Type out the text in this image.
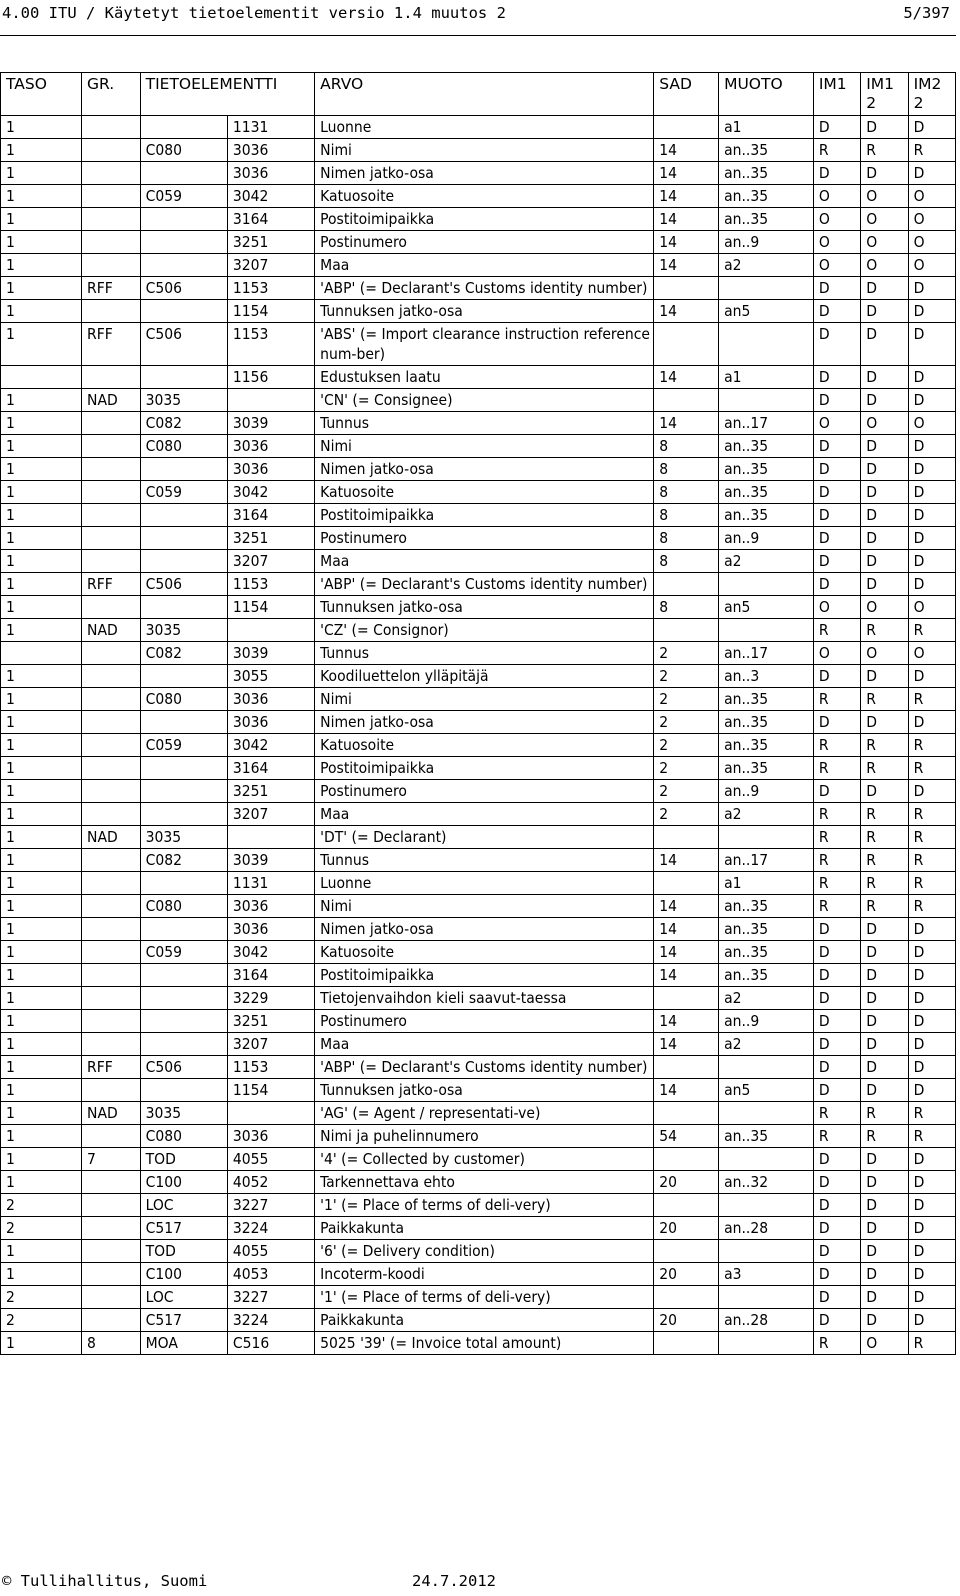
4.00 ITU / Käytetyt tietoelementit versio 1.4 muutos 2	5/397
TASO	GR.	TIETOELEMENTTI		ARVO	SAD	MUOTO	IM1	IM1 2	IM2 2
1			1131	Luonne		a1	D	D	D
1		C080	3036	Nimi	14	an..35	R	R	R
1			3036	Nimen jatko-osa	14	an..35	D	D	D
1		C059	3042	Katuosoite	14	an..35	O	O	O
1			3164	Postitoimipaikka	14	an..35	O	O	O
1			3251	Postinumero	14	an..9	O	O	O
1			3207	Maa	14	a2	O	O	O
1	RFF	C506	1153	'ABP' (= Declarant's Customs identity number)			D	D	D
1			1154	Tunnuksen jatko-osa	14	an5	D	D	D
1	RFF	C506	1153	'ABS' (= Import clearance instruction reference num-ber)			D	D	D
			1156	Edustuksen laatu	14	a1	D	D	D
1	NAD	3035		'CN' (= Consignee)			D	D	D
1		C082	3039	Tunnus	14	an..17	O	O	O
1		C080	3036	Nimi	8	an..35	D	D	D
1			3036	Nimen jatko-osa	8	an..35	D	D	D
1		C059	3042	Katuosoite	8	an..35	D	D	D
1			3164	Postitoimipaikka	8	an..35	D	D	D
1			3251	Postinumero	8	an..9	D	D	D
1			3207	Maa	8	a2	D	D	D
1	RFF	C506	1153	'ABP' (= Declarant's Customs identity number)			D	D	D
1			1154	Tunnuksen jatko-osa	8	an5	O	O	O
1	NAD	3035		'CZ' (= Consignor)			R	R	R
		C082	3039	Tunnus	2	an..17	O	O	O
1			3055	Koodiluettelon ylläpitäjä	2	an..3	D	D	D
1		C080	3036	Nimi	2	an..35	R	R	R
1			3036	Nimen jatko-osa	2	an..35	D	D	D
1		C059	3042	Katuosoite	2	an..35	R	R	R
1			3164	Postitoimipaikka	2	an..35	R	R	R
1			3251	Postinumero	2	an..9	D	D	D
1			3207	Maa	2	a2	R	R	R
1	NAD	3035		'DT' (= Declarant)			R	R	R
1		C082	3039	Tunnus	14	an..17	R	R	R
1			1131	Luonne		a1	R	R	R
1		C080	3036	Nimi	14	an..35	R	R	R
1			3036	Nimen jatko-osa	14	an..35	D	D	D
1		C059	3042	Katuosoite	14	an..35	D	D	D
1			3164	Postitoimipaikka	14	an..35	D	D	D
1			3229	Tietojenvaihdon kieli saavut-taessa		a2	D	D	D
1			3251	Postinumero	14	an..9	D	D	D
1			3207	Maa	14	a2	D	D	D
1	RFF	C506	1153	'ABP' (= Declarant's Customs identity number)			D	D	D
1			1154	Tunnuksen jatko-osa	14	an5	D	D	D
1	NAD	3035		'AG' (= Agent / representati-ve)			R	R	R
1		C080	3036	Nimi ja puhelinnumero	54	an..35	R	R	R
1	7	TOD	4055	'4' (= Collected by customer)			D	D	D
1		C100	4052	Tarkennettava ehto	20	an..32	D	D	D
2		LOC	3227	'1' (= Place of terms of deli-very)			D	D	D
2		C517	3224	Paikkakunta	20	an..28	D	D	D
1		TOD	4055	'6' (= Delivery condition)			D	D	D
1		C100	4053	Incoterm-koodi	20	a3	D	D	D
2		LOC	3227	'1' (= Place of terms of deli-very)			D	D	D
2		C517	3224	Paikkakunta	20	an..28	D	D	D
1	8	MOA	C516	5025 '39' (= Invoice total amount)			R	O	R
© Tullihallitus, Suomi	24.7.2012
